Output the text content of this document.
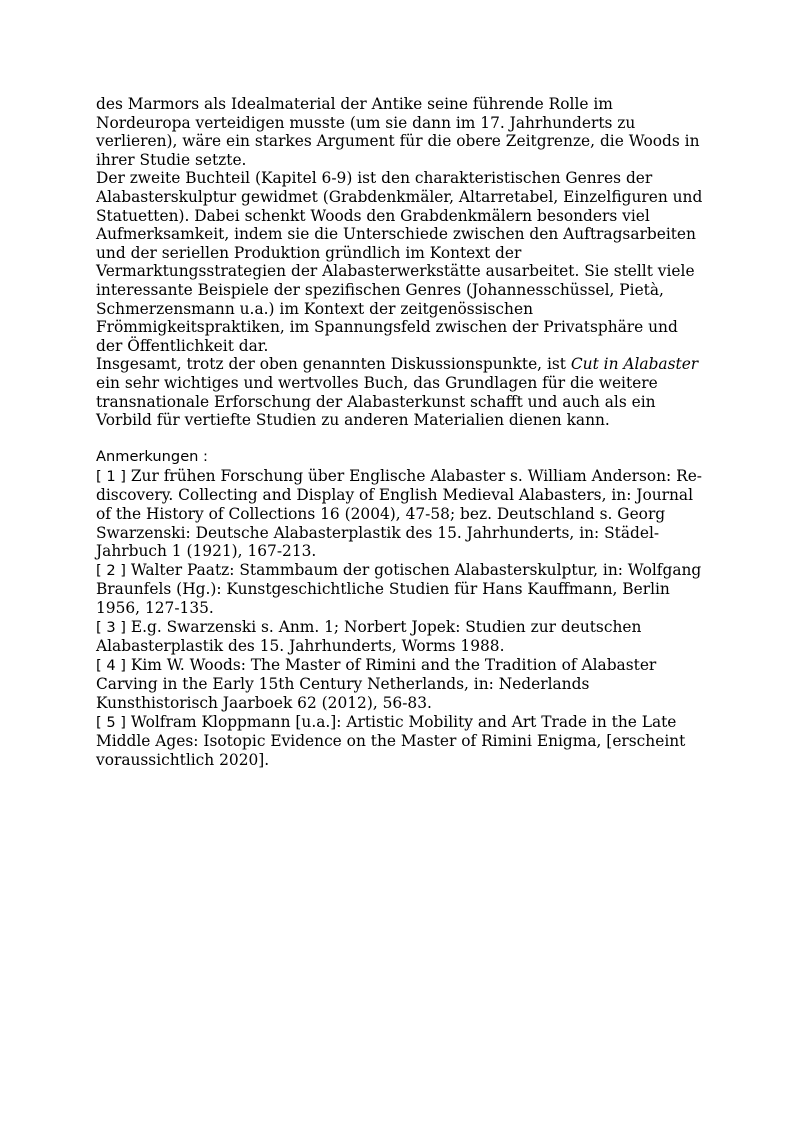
des Marmors als Idealmaterial der Antike seine führende Rolle im Nordeuropa verteidigen musste (um sie dann im 17. Jahrhunderts zu verlieren), wäre ein starkes Argument für die obere Zeitgrenze, die Woods in ihrer Studie setzte.

Der zweite Buchteil (Kapitel 6-9) ist den charakteristischen Genres der Alabasterskulptur gewidmet (Grabdenkmäler, Altarretabel, Einzelfiguren und Statuetten). Dabei schenkt Woods den Grabdenkmälern besonders viel Aufmerksamkeit, indem sie die Unterschiede zwischen den Auftragsarbeiten und der seriellen Produktion gründlich im Kontext der Vermarktungsstrategien der Alabasterwerkstätte ausarbeitet. Sie stellt viele interessante Beispiele der spezifischen Genres (Johannesschüssel, Pietà, Schmerzensmann u.a.) im Kontext der zeitgenössischen Frömmigkeitspraktiken, im Spannungsfeld zwischen der Privatsphäre und der Öffentlichkeit dar.

Insgesamt, trotz der oben genannten Diskussionspunkte, ist Cut in Alabaster ein sehr wichtiges und wertvolles Buch, das Grundlagen für die weitere transnationale Erforschung der Alabasterkunst schafft und auch als ein Vorbild für vertiefte Studien zu anderen Materialien dienen kann.

Anmerkungen :

[ 1 ] Zur frühen Forschung über Englische Alabaster s. William Anderson: Re-discovery. Collecting and Display of English Medieval Alabasters, in: Journal of the History of Collections 16 (2004), 47-58; bez. Deutschland s. Georg Swarzenski: Deutsche Alabasterplastik des 15. Jahrhunderts, in: Städel-Jahrbuch 1 (1921), 167-213.

[ 2 ] Walter Paatz: Stammbaum der gotischen Alabasterskulptur, in: Wolfgang Braunfels (Hg.): Kunstgeschichtliche Studien für Hans Kauffmann, Berlin 1956, 127-135.

[ 3 ] E.g. Swarzenski s. Anm. 1; Norbert Jopek: Studien zur deutschen Alabasterplastik des 15. Jahrhunderts, Worms 1988.

[ 4 ] Kim W. Woods: The Master of Rimini and the Tradition of Alabaster Carving in the Early 15th Century Netherlands, in: Nederlands Kunsthistorisch Jaarboek 62 (2012), 56-83.

[ 5 ] Wolfram Kloppmann [u.a.]: Artistic Mobility and Art Trade in the Late Middle Ages: Isotopic Evidence on the Master of Rimini Enigma, [erscheint voraussichtlich 2020].
